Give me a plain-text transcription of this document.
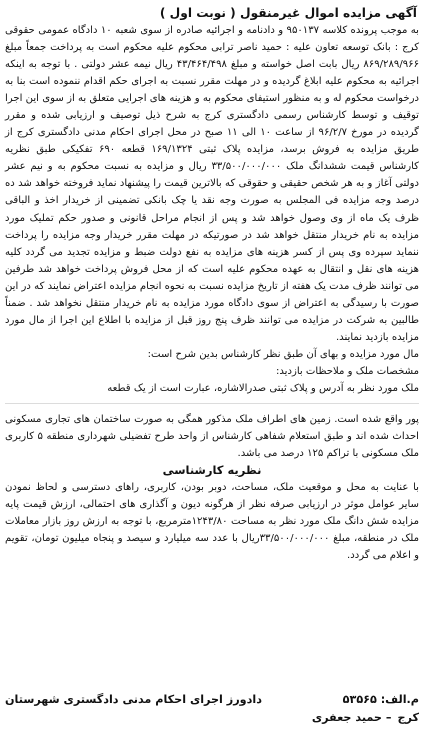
آگهی مزایده اموال غیرمنقول ( نوبت اول )

به موجب پرونده کلاسه ۹۵۰۱۳۷ و دادنامه و اجرائیه صادره از سوی شعبه ۱۰ دادگاه عمومی حقوقی کرج : بانک توسعه تعاون علیه : حمید ناصر ترابی محکوم علیه محکوم است به پرداخت جمعاً مبلغ ۸۶۹/۲۸۹/۹۶۶ ریال بابت اصل خواسته و مبلغ ۴۳/۴۶۴/۴۹۸ ریال نیمه عشر دولتی . با توجه به اینکه اجرائیه به محکوم علیه ابلاغ گردیده و در مهلت مقرر نسبت به اجرای حکم اقدام ننموده است بنا به درخواست محکوم له و به منظور استیفای محکوم به و هزینه های اجرایی متعلق به از سوی این اجرا توقیف و توسط کارشناس رسمی دادگستری کرج به شرح ذیل توصیف و ارزیابی شده و مقرر گردیده در مورخ ۹۶/۲/۷ از ساعت ۱۰ الی ۱۱ صبح در محل اجرای احکام مدنی دادگستری کرج از طریق مزایده به فروش برسد، مزایده پلاک ثبتی ۱۶۹/۱۳۲۴ قطعه ۶۹۰ تفکیکی طبق نظریه کارشناس قیمت ششدانگ ملک ۳۳/۵۰۰/۰۰۰/۰۰۰ ریال و مزایده به نسبت محکوم به و نیم عشر دولتی آغاز و به هر شخص حقیقی و حقوقی که بالاترین قیمت را پیشنهاد نماید فروخته خواهد شد ده درصد وجه مزایده فی المجلس به صورت وجه نقد یا چک بانکی تضمینی از خریدار اخذ و الباقی ظرف یک ماه از وی وصول خواهد شد و پس از انجام مراحل قانونی و صدور حکم تملیک مورد مزایده به نام خریدار منتقل خواهد شد در صورتیکه در مهلت مقرر خریدار وجه مزایده را پرداخت ننماید سپرده وی پس از کسر هزینه های مزایده به نفع دولت ضبط و مزایده تجدید می گردد کلیه هزینه های نقل و انتقال به عهده محکوم علیه است که از محل فروش پرداخت خواهد شد طرفین می توانند ظرف مدت یک هفته از تاریخ مزایده نسبت به نحوه انجام مزایده اعتراض نمایند که در این صورت با رسیدگی به اعتراض از سوی دادگاه مورد مزایده به نام خریدار منتقل نخواهد شد . ضمناً طالبین به شرکت در مزایده می توانند ظرف پنج روز قبل از مزایده با اطلاع این اجرا از مال مورد مزایده بازدید نمایند.
مال مورد مزایده و بهای آن طبق نظر کارشناس بدین شرح است:
مشخصات ملک و ملاحظات بازدید:
ملک مورد نظر به آدرس و پلاک ثبتی صدرالاشاره، عبارت است از یک قطعه

پور واقع شده است. زمین های اطراف ملک مذکور همگی به صورت ساختمان های تجاری مسکونی احداث شده اند و طبق استعلام شفاهی کارشناس از واحد طرح تفضیلی شهرداری منطقه ۵ کاربری ملک مسکونی با تراکم ۱۲۵ درصد می باشد.

نظریه کارشناسی

با عنایت به محل و موقعیت ملک، مساحت، دوبر بودن، کاربری، راهای دسترسی و لحاظ نمودن سایر عوامل موثر در ارزیابی صرفه نظر از هرگونه دیون و آگذاری های احتمالی، ارزش قیمت پایه مزایده شش دانگ ملک مورد نظر به مساحت ۱۲۴۳/۸۰مترمربع، با توجه به ارزش روز بازار معاملات ملک در منطقه، مبلغ ۳۳/۵۰۰/۰۰۰/۰۰۰ریال با عدد سه میلیارد و سیصد و پنجاه میلیون تومان، تقویم و اعلام می گردد.

م.الف: ۵۳۵۶۵
دادورز اجرای احکام مدنی دادگستری شهرستان
کرج
– حمید جعفری
